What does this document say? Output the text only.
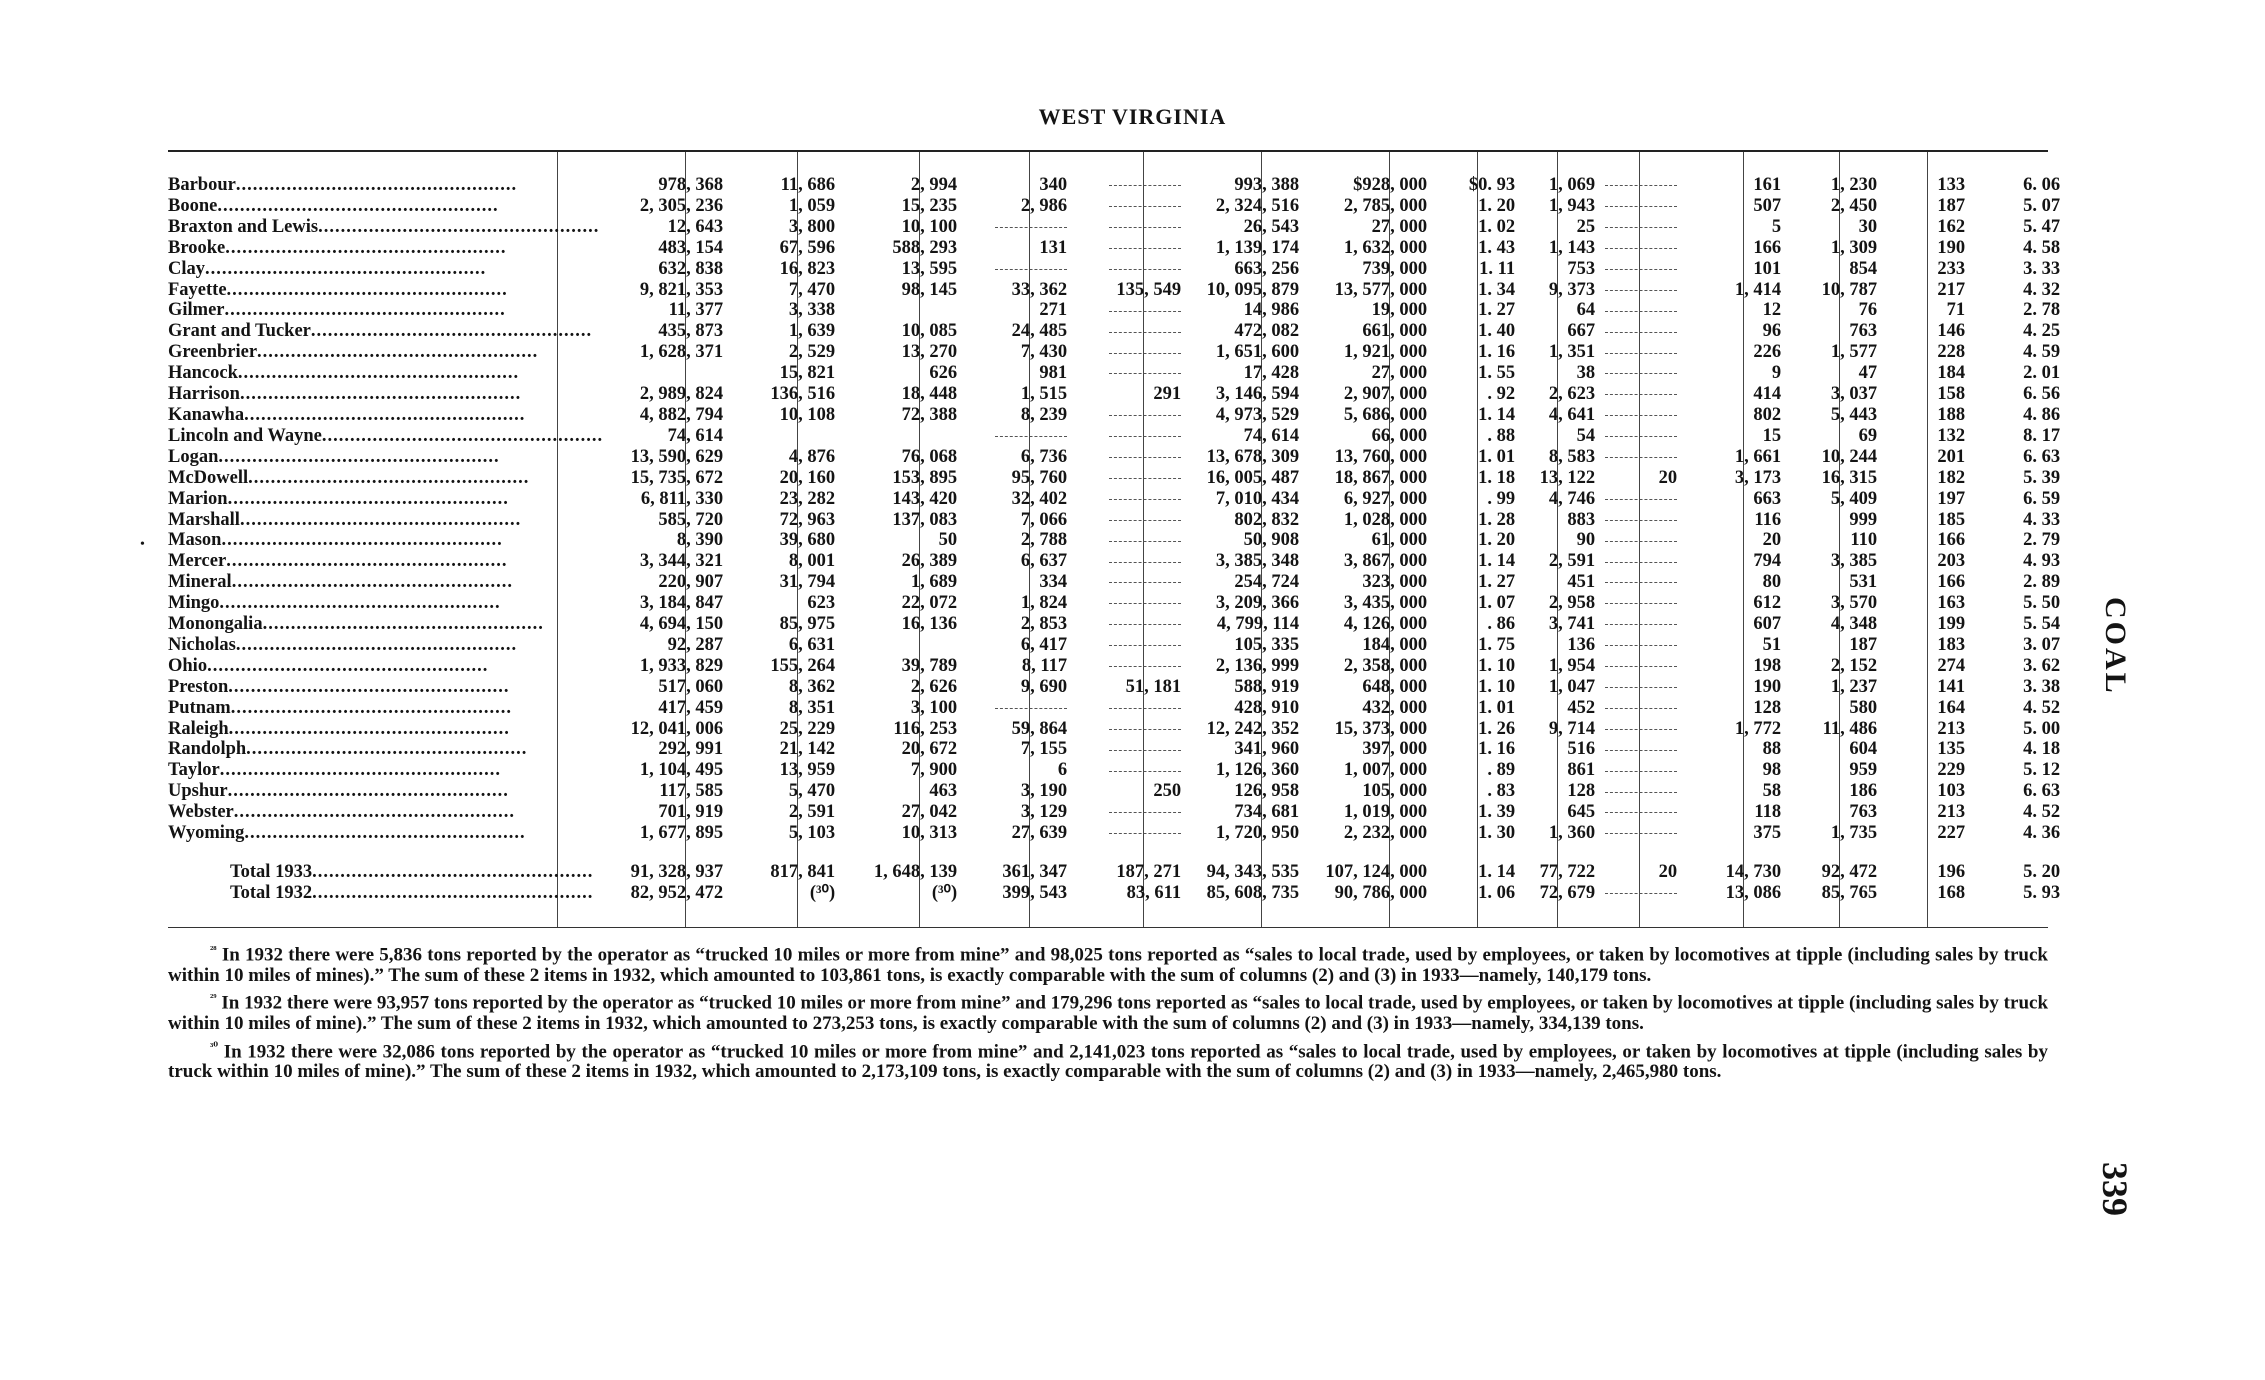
WEST VIRGINIA
Barbour..................................................	978, 368	11, 686	2, 994	340		993, 388	$928, 000	$0. 93	1, 069		161	1, 230	133	6. 06
Boone..................................................	2, 305, 236	1, 059	15, 235	2, 986		2, 324, 516	2, 785, 000	1. 20	1, 943		507	2, 450	187	5. 07
Braxton and Lewis..................................................	12, 643	3, 800	10, 100			26, 543	27, 000	1. 02	25		5	30	162	5. 47
Brooke..................................................	483, 154	67, 596	588, 293	131		1, 139, 174	1, 632, 000	1. 43	1, 143		166	1, 309	190	4. 58
Clay..................................................	632, 838	16, 823	13, 595			663, 256	739, 000	1. 11	753		101	854	233	3. 33
Fayette..................................................	9, 821, 353	7, 470	98, 145	33, 362	135, 549	10, 095, 879	13, 577, 000	1. 34	9, 373		1, 414	10, 787	217	4. 32
Gilmer..................................................	11, 377	3, 338		271		14, 986	19, 000	1. 27	64		12	76	71	2. 78
Grant and Tucker..................................................	435, 873	1, 639	10, 085	24, 485		472, 082	661, 000	1. 40	667		96	763	146	4. 25
Greenbrier..................................................	1, 628, 371	2, 529	13, 270	7, 430		1, 651, 600	1, 921, 000	1. 16	1, 351		226	1, 577	228	4. 59
Hancock..................................................		15, 821	626	981		17, 428	27, 000	1. 55	38		9	47	184	2. 01
Harrison..................................................	2, 989, 824	136, 516	18, 448	1, 515	291	3, 146, 594	2, 907, 000	. 92	2, 623		414	3, 037	158	6. 56
Kanawha..................................................	4, 882, 794	10, 108	72, 388	8, 239		4, 973, 529	5, 686, 000	1. 14	4, 641		802	5, 443	188	4. 86
Lincoln and Wayne..................................................	74, 614					74, 614	66, 000	. 88	54		15	69	132	8. 17
Logan..................................................	13, 590, 629	4, 876	76, 068	6, 736		13, 678, 309	13, 760, 000	1. 01	8, 583		1, 661	10, 244	201	6. 63
McDowell..................................................	15, 735, 672	20, 160	153, 895	95, 760		16, 005, 487	18, 867, 000	1. 18	13, 122	20	3, 173	16, 315	182	5. 39
Marion..................................................	6, 811, 330	23, 282	143, 420	32, 402		7, 010, 434	6, 927, 000	. 99	4, 746		663	5, 409	197	6. 59
Marshall..................................................	585, 720	72, 963	137, 083	7, 066		802, 832	1, 028, 000	1. 28	883		116	999	185	4. 33
Mason..................................................	8, 390	39, 680	50	2, 788		50, 908	61, 000	1. 20	90		20	110	166	2. 79
Mercer..................................................	3, 344, 321	8, 001	26, 389	6, 637		3, 385, 348	3, 867, 000	1. 14	2, 591		794	3, 385	203	4. 93
Mineral..................................................	220, 907	31, 794	1, 689	334		254, 724	323, 000	1. 27	451		80	531	166	2. 89
Mingo..................................................	3, 184, 847	623	22, 072	1, 824		3, 209, 366	3, 435, 000	1. 07	2, 958		612	3, 570	163	5. 50
Monongalia..................................................	4, 694, 150	85, 975	16, 136	2, 853		4, 799, 114	4, 126, 000	. 86	3, 741		607	4, 348	199	5. 54
Nicholas..................................................	92, 287	6, 631		6, 417		105, 335	184, 000	1. 75	136		51	187	183	3. 07
Ohio..................................................	1, 933, 829	155, 264	39, 789	8, 117		2, 136, 999	2, 358, 000	1. 10	1, 954		198	2, 152	274	3. 62
Preston..................................................	517, 060	8, 362	2, 626	9, 690	51, 181	588, 919	648, 000	1. 10	1, 047		190	1, 237	141	3. 38
Putnam..................................................	417, 459	8, 351	3, 100			428, 910	432, 000	1. 01	452		128	580	164	4. 52
Raleigh..................................................	12, 041, 006	25, 229	116, 253	59, 864		12, 242, 352	15, 373, 000	1. 26	9, 714		1, 772	11, 486	213	5. 00
Randolph..................................................	292, 991	21, 142	20, 672	7, 155		341, 960	397, 000	1. 16	516		88	604	135	4. 18
Taylor..................................................	1, 104, 495	13, 959	7, 900	6		1, 126, 360	1, 007, 000	. 89	861		98	959	229	5. 12
Upshur..................................................	117, 585	5, 470	463	3, 190	250	126, 958	105, 000	. 83	128		58	186	103	6. 63
Webster..................................................	701, 919	2, 591	27, 042	3, 129		734, 681	1, 019, 000	1. 39	645		118	763	213	4. 52
Wyoming..................................................	1, 677, 895	5, 103	10, 313	27, 639		1, 720, 950	2, 232, 000	1. 30	1, 360		375	1, 735	227	4. 36

Total 1933..................................................	91, 328, 937	817, 841	1, 648, 139	361, 347	187, 271	94, 343, 535	107, 124, 000	1. 14	77, 722	20	14, 730	92, 472	196	5. 20
Total 1932..................................................	82, 952, 472	(³⁰)	(³⁰)	399, 543	83, 611	85, 608, 735	90, 786, 000	1. 06	72, 679		13, 086	85, 765	168	5. 93
•

$^{^{28}}$ In 1932 there were 5,836 tons reported by the operator as “trucked 10 miles or more from mine” and 98,025 tons reported as “sales to local trade, used by employees, or taken by locomotives at tipple (including sales by truck within 10 miles of mines).” The sum of these 2 items in 1932, which amounted to 103,861 tons, is exactly comparable with the sum of columns (2) and (3) in 1933—namely, 140,179 tons.

$^{^{29}}$ In 1932 there were 93,957 tons reported by the operator as “trucked 10 miles or more from mine” and 179,296 tons reported as “sales to local trade, used by employees, or taken by locomotives at tipple (including sales by truck within 10 miles of mine).” The sum of these 2 items in 1932, which amounted to 273,253 tons, is exactly comparable with the sum of columns (2) and (3) in 1933—namely, 334,139 tons.

$^{^{30}}$ In 1932 there were 32,086 tons reported by the operator as “trucked 10 miles or more from mine” and 2,141,023 tons reported as “sales to local trade, used by employees, or taken by locomotives at tipple (including sales by truck within 10 miles of mine).” The sum of these 2 items in 1932, which amounted to 2,173,109 tons, is exactly comparable with the sum of columns (2) and (3) in 1933—namely, 2,465,980 tons.

COAL
339
